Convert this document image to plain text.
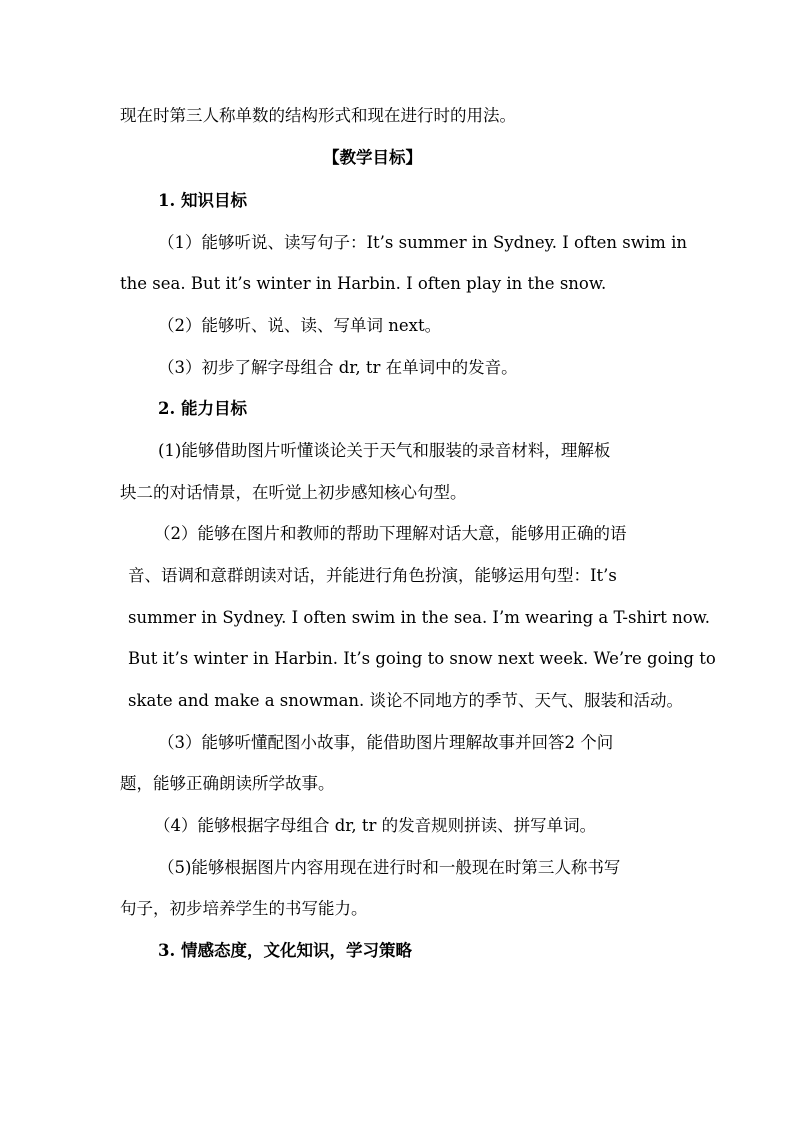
现在时第三人称单数的结构形式和现在进行时的用法。
【教学目标】
1. 知识目标
（1）能够听说、读写句子：It’s summer in Sydney. I often swim in
the sea. But it’s winter in Harbin. I often play in the snow.
（2）能够听、说、读、写单词 next。
（3）初步了解字母组合 dr, tr 在单词中的发音。
2. 能力目标
(1)能够借助图片听懂谈论关于天气和服装的录音材料，理解板
块二的对话情景，在听觉上初步感知核心句型。
（2）能够在图片和教师的帮助下理解对话大意，能够用正确的语
音、语调和意群朗读对话，并能进行角色扮演，能够运用句型：It’s
summer in Sydney. I often swim in the sea. I’m wearing a T-shirt now.
But it’s winter in Harbin. It’s going to snow next week. We’re going to
skate and make a snowman. 谈论不同地方的季节、天气、服装和活动。
（3）能够听懂配图小故事，能借助图片理解故事并回答2 个问
题，能够正确朗读所学故事。
（4）能够根据字母组合 dr, tr 的发音规则拼读、拼写单词。
（5)能够根据图片内容用现在进行时和一般现在时第三人称书写
句子，初步培养学生的书写能力。
3. 情感态度，文化知识，学习策略
